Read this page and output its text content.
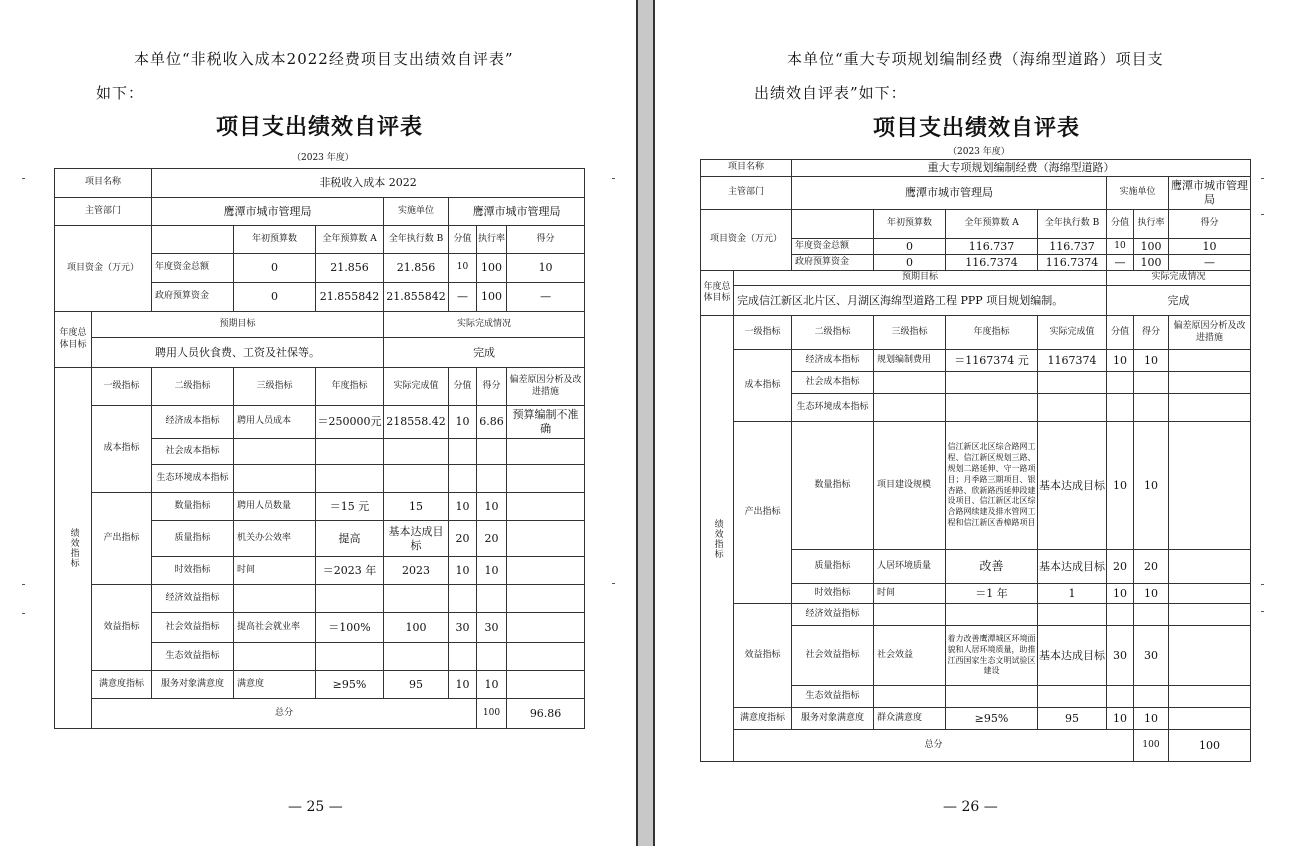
本单位“非税收入成本2022经费项目支出绩效自评表”
如下：
项目支出绩效自评表
（2023 年度）
项目名称		非税收入成本 2022							
主管部门		鹰潭市城市管理局			实施单位	鹰潭市城市管理局			
项目资金（万元）			年初预算数	全年预算数 A	全年执行数 B	分值	执行率	得分	
		年度资金总额	0	21.856	21.856	10	100	10	
		政府预算资金	0	21.855842	21.855842	—	100	—	
年度总体目标	预期目标				实际完成情况				
	聘用人员伙食费、工资及社保等。				完成				

绩效指标	一级指标	二级指标	三级指标	年度指标	实际完成值	分值	得分	偏差原因分析及改进措施	
	成本指标	经济成本指标	聘用人员成本	＝250000元	218558.42	10	6.86	预算编制不准确	
		社会成本指标							
		生态环境成本指标							
	产出指标	数量指标	聘用人员数量	＝15 元	15	10	10		
		质量指标	机关办公效率	提高	基本达成目标	20	20		
		时效指标	时间	＝2023 年	2023	10	10		
	效益指标	经济效益指标							
		社会效益指标	提高社会就业率	＝100%	100	30	30		
		生态效益指标							
	满意度指标	服务对象满意度	满意度	≥95%	95	10	10		
	总分						100	96.86	
— 25 —
本单位“重大专项规划编制经费（海绵型道路）项目支
出绩效自评表”如下：
项目支出绩效自评表
（2023 年度）
项目名称		重大专项规划编制经费（海绵型道路）							
主管部门		鹰潭市城市管理局				实施单位		鹰潭市城市管理局	
项目资金（万元）			年初预算数	全年预算数 A	全年执行数 B	分值	执行率	得分	
		年度资金总额	0	116.737	116.737	10	100	10	
		政府预算资金	0	116.7374	116.7374	—	100	—	
年度总体目标	预期目标					实际完成情况			
	完成信江新区北片区、月湖区海绵型道路工程 PPP 项目规划编制。					完成			

绩效指标	一级指标	二级指标	三级指标	年度指标	实际完成值	分值	得分	偏差原因分析及改进措施	
	成本指标	经济成本指标	规划编制费用	＝1167374 元	1167374	10	10		
		社会成本指标							
		生态环境成本指标							
	产出指标	数量指标	项目建设规模	信江新区北区综合路网工程、信江新区规划三路、规划二路延伸、守一路项目；月季路三期项目、银杏路、欣新路西延伸段建设项目、信江新区北区综合路网续建及排水管网工程和信江新区香樟路项目	基本达成目标	10	10		
		质量指标	人居环境质量	改善	基本达成目标	20	20		
		时效指标	时间	＝1 年	1	10	10		
	效益指标	经济效益指标							
		社会效益指标	社会效益	着力改善鹰潭城区环境面貌和人居环境质量，助推江西国家生态文明试验区建设	基本达成目标	30	30		
		生态效益指标							
	满意度指标	服务对象满意度	群众满意度	≥95%	95	10	10		
	总分						100	100	
— 26 —
